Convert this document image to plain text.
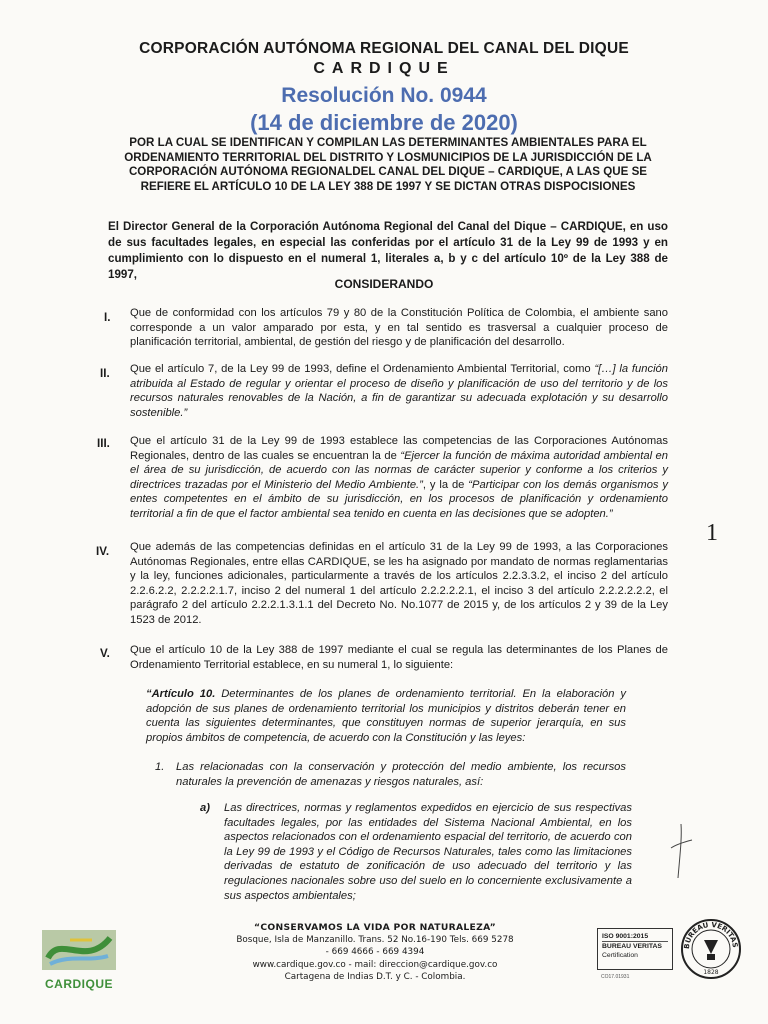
CORPORACIÓN AUTÓNOMA REGIONAL DEL CANAL DEL DIQUE
CARDIQUE
Resolución No. 0944
(14 de diciembre de 2020)
POR LA CUAL SE IDENTIFICAN Y COMPILAN LAS DETERMINANTES AMBIENTALES PARA EL ORDENAMIENTO TERRITORIAL DEL DISTRITO Y LOSMUNICIPIOS DE LA JURISDICCIÓN DE LA CORPORACIÓN AUTÓNOMA REGIONALDEL CANAL DEL DIQUE – CARDIQUE, A LAS QUE SE REFIERE EL ARTÍCULO 10 DE LA LEY 388 DE 1997 Y SE DICTAN OTRAS DISPOCISIONES
El Director General de la Corporación Autónoma Regional del Canal del Dique – CARDIQUE, en uso de sus facultades legales, en especial las conferidas por el artículo 31 de la Ley 99 de 1993 y en cumplimiento con lo dispuesto en el numeral 1, literales a, b y c del artículo 10º de la Ley 388 de 1997,
CONSIDERANDO
I. Que de conformidad con los artículos 79 y 80 de la Constitución Política de Colombia, el ambiente sano corresponde a un valor amparado por esta, y en tal sentido es trasversal a cualquier proceso de planificación territorial, ambiental, de gestión del riesgo y de planificación del desarrollo.
II. Que el artículo 7, de la Ley 99 de 1993, define el Ordenamiento Ambiental Territorial, como “[…] la función atribuida al Estado de regular y orientar el proceso de diseño y planificación de uso del territorio y de los recursos naturales renovables de la Nación, a fin de garantizar su adecuada explotación y su desarrollo sostenible.”
III. Que el artículo 31 de la Ley 99 de 1993 establece las competencias de las Corporaciones Autónomas Regionales, dentro de las cuales se encuentran la de “Ejercer la función de máxima autoridad ambiental en el área de su jurisdicción, de acuerdo con las normas de carácter superior y conforme a los criterios y directrices trazadas por el Ministerio del Medio Ambiente.”, y la de “Participar con los demás organismos y entes competentes en el ámbito de su jurisdicción, en los procesos de planificación y ordenamiento territorial a fin de que el factor ambiental sea tenido en cuenta en las decisiones que se adopten.”
1
IV. Que además de las competencias definidas en el artículo 31 de la Ley 99 de 1993, a las Corporaciones Autónomas Regionales, entre ellas CARDIQUE, se les ha asignado por mandato de normas reglamentarias y la ley, funciones adicionales, particularmente a través de los artículos 2.2.3.3.2, el inciso 2 del artículo 2.2.6.2.2, 2.2.2.2.1.7, inciso 2 del numeral 1 del artículo 2.2.2.2.2.1, el inciso 3 del artículo 2.2.2.2.2.2, el parágrafo 2 del artículo 2.2.2.1.3.1.1 del Decreto No. No.1077 de 2015 y, de los artículos 2 y 39 de la Ley 1523 de 2012.
V. Que el artículo 10 de la Ley 388 de 1997 mediante el cual se regula las determinantes de los Planes de Ordenamiento Territorial establece, en su numeral 1, lo siguiente:
“Artículo 10. Determinantes de los planes de ordenamiento territorial. En la elaboración y adopción de sus planes de ordenamiento territorial los municipios y distritos deberán tener en cuenta las siguientes determinantes, que constituyen normas de superior jerarquía, en sus propios ámbitos de competencia, de acuerdo con la Constitución y las leyes:
1. Las relacionadas con la conservación y protección del medio ambiente, los recursos naturales la prevención de amenazas y riesgos naturales, así:
a) Las directrices, normas y reglamentos expedidos en ejercicio de sus respectivas facultades legales, por las entidades del Sistema Nacional Ambiental, en los aspectos relacionados con el ordenamiento espacial del territorio, de acuerdo con la Ley 99 de 1993 y el Código de Recursos Naturales, tales como las limitaciones derivadas de estatuto de zonificación de uso adecuado del territorio y las regulaciones nacionales sobre uso del suelo en lo concerniente exclusivamente a sus aspectos ambientales;
CARDIQUE
“CONSERVAMOS LA VIDA POR NATURALEZA”
Bosque, Isla de Manzanillo. Trans. 52 No.16-190 Tels. 669 5278
- 669 4666 - 669 4394
www.cardique.gov.co - mail: direccion@cardique.gov.co
Cartagena de Indias D.T. y C. - Colombia.
ISO 9001:2015
BUREAU VERITAS
Certification
CO17.01931
BUREAU VERITAS
1828
